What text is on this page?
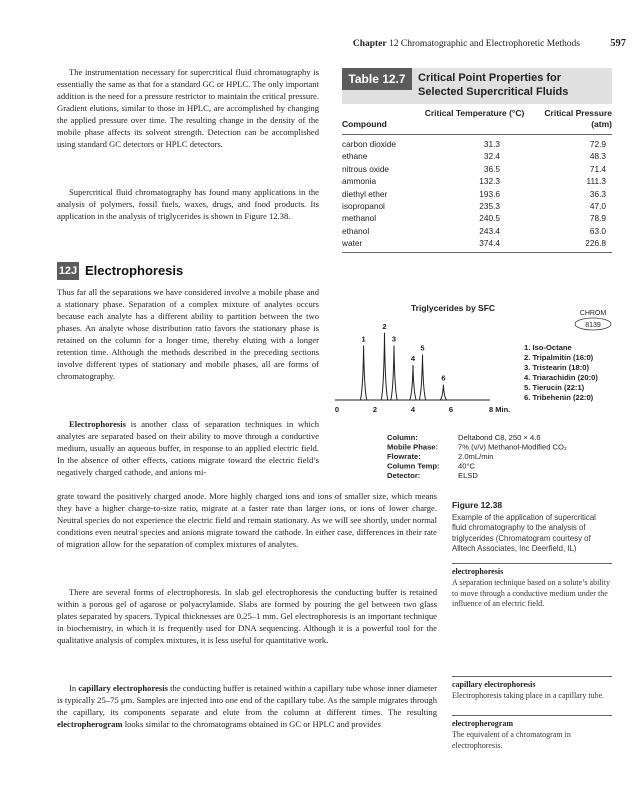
Chapter 12 Chromatographic and Electrophoretic Methods	597

The instrumentation necessary for supercritical fluid chromatography is essentially the same as that for a standard GC or HPLC. The only important addition is the need for a pressure restrictor to maintain the critical pressure. Gradient elutions, similar to those in HPLC, are accomplished by changing the applied pressure over time. The resulting change in the density of the mobile phase affects its solvent strength. Detection can be accomplished using standard GC detectors or HPLC detectors.

Supercritical fluid chromatography has found many applications in the analysis of polymers, fossil fuels, waxes, drugs, and food products. Its application in the analysis of triglycerides is shown in Figure 12.38.

Table 12.7	Critical Point Properties for Selected Supercritical Fluids
Compound
Critical Temperature (°C)	Critical Pressure (atm)
carbon dioxide	31.3	72.9
ethane	32.4	48.3
nitrous oxide	36.5	71.4
ammonia	132.3	111.3
diethyl ether	193.6	36.3
isopropanol	235.3	47.0
methanol	240.5	78.9
ethanol	243.4	63.0
water	374.4	226.8
12J Electrophoresis

Thus far all the separations we have considered involve a mobile phase and a stationary phase. Separation of a complex mixture of analytes occurs because each analyte has a different ability to partition between the two phases. An analyte whose distribution ratio favors the stationary phase is retained on the column for a longer time, thereby eluting with a longer retention time. Although the methods described in the preceding sections involve different types of stationary and mobile phases, all are forms of chromatography.

Electrophoresis is another class of separation techniques in which analytes are separated based on their ability to move through a conductive medium, usually an aqueous buffer, in response to an applied electric field. In the absence of other effects, cations migrate toward the electric field’s negatively charged cathode, and anions mi-

grate toward the positively charged anode. More highly charged ions and ions of smaller size, which means they have a higher charge-to-size ratio, migrate at a faster rate than larger ions, or ions of lower charge. Neutral species do not experience the electric field and remain stationary. As we will see shortly, under normal conditions even neutral species and anions migrate toward the cathode. In either case, differences in their rate of migration allow for the separation of complex mixtures of analytes.

There are several forms of electrophoresis. In slab gel electrophoresis the conducting buffer is retained within a porous gel of agarose or polyacrylamide. Slabs are formed by pouring the gel between two glass plates separated by spacers. Typical thicknesses are 0.25–1 mm. Gel electrophoresis is an important technique in biochemistry, in which it is frequently used for DNA sequencing. Although it is a powerful tool for the qualitative analysis of complex mixtures, it is less useful for quantitative work.

In capillary electrophoresis the conducting buffer is retained within a capillary tube whose inner diameter is typically 25–75 μm. Samples are injected into one end of the capillary tube. As the sample migrates through the capillary, its components separate and elute from the column at different times. The resulting electropherogram looks similar to the chromatograms obtained in GC or HPLC and provides

Triglycerides by SFC
CHROM
8139
0	2	4	6	8 Min.
1
2
3
4
5
6
1. Iso-Octane
2. Tripalmitin (16:0)
3. Tristearin (18:0)
4. Triarachidin (20:0)
5. Tierucin (22:1)
6. Tribehenin (22:0)
Column:	Deltabond C8, 250 × 4.6
Mobile Phase:	7% (v/v) Methanol-Modified CO₂
Flowrate:	2.0mL/min
Column Temp: 40°C
Detector:	ELSD
Figure 12.38
Example of the application of supercritical fluid chromatography to the analysis of triglycerides (Chromatogram courtesy of Alltech Associates, Inc Deerfield, IL)
electrophoresis
A separation technique based on a solute’s ability to move through a conductive medium under the influence of an electric field.
capillary electrophoresis
Electrophoresis taking place in a capillary tube.
electropherogram
The equivalent of a chromatogram in electrophoresis.
